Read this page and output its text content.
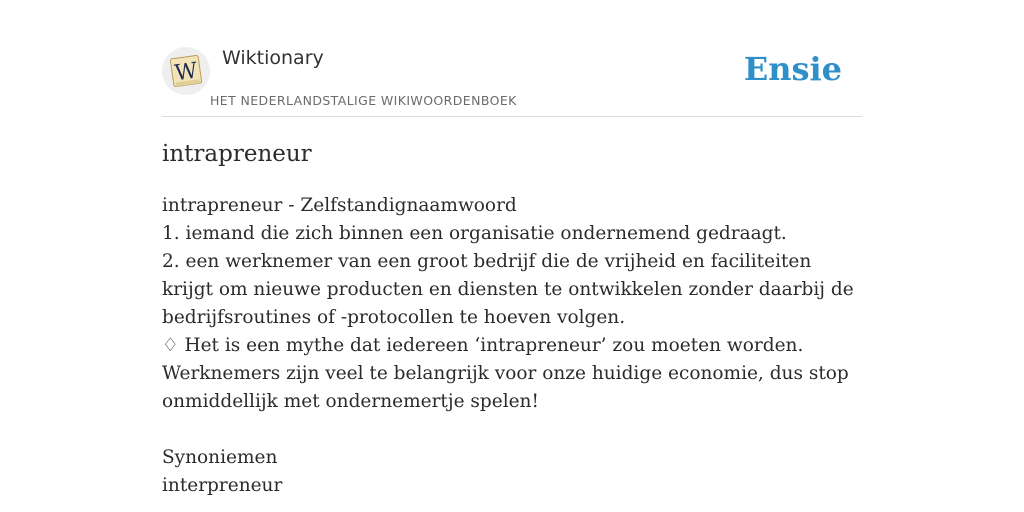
W
Wiktionary
HET NEDERLANDSTALIGE WIKIWOORDENBOEK
Ensie
intrapreneur
intrapreneur - Zelfstandignaamwoord
1. iemand die zich binnen een organisatie ondernemend gedraagt.
2. een werknemer van een groot bedrijf die de vrijheid en faciliteiten krijgt om nieuwe producten en diensten te ontwikkelen zonder daarbij de bedrijfsroutines of -protocollen te hoeven volgen.
♢ Het is een mythe dat iedereen ‘intrapreneur’ zou moeten worden. Werknemers zijn veel te belangrijk voor onze huidige economie, dus stop onmiddellijk met ondernemertje spelen!
Synoniemen
interpreneur
